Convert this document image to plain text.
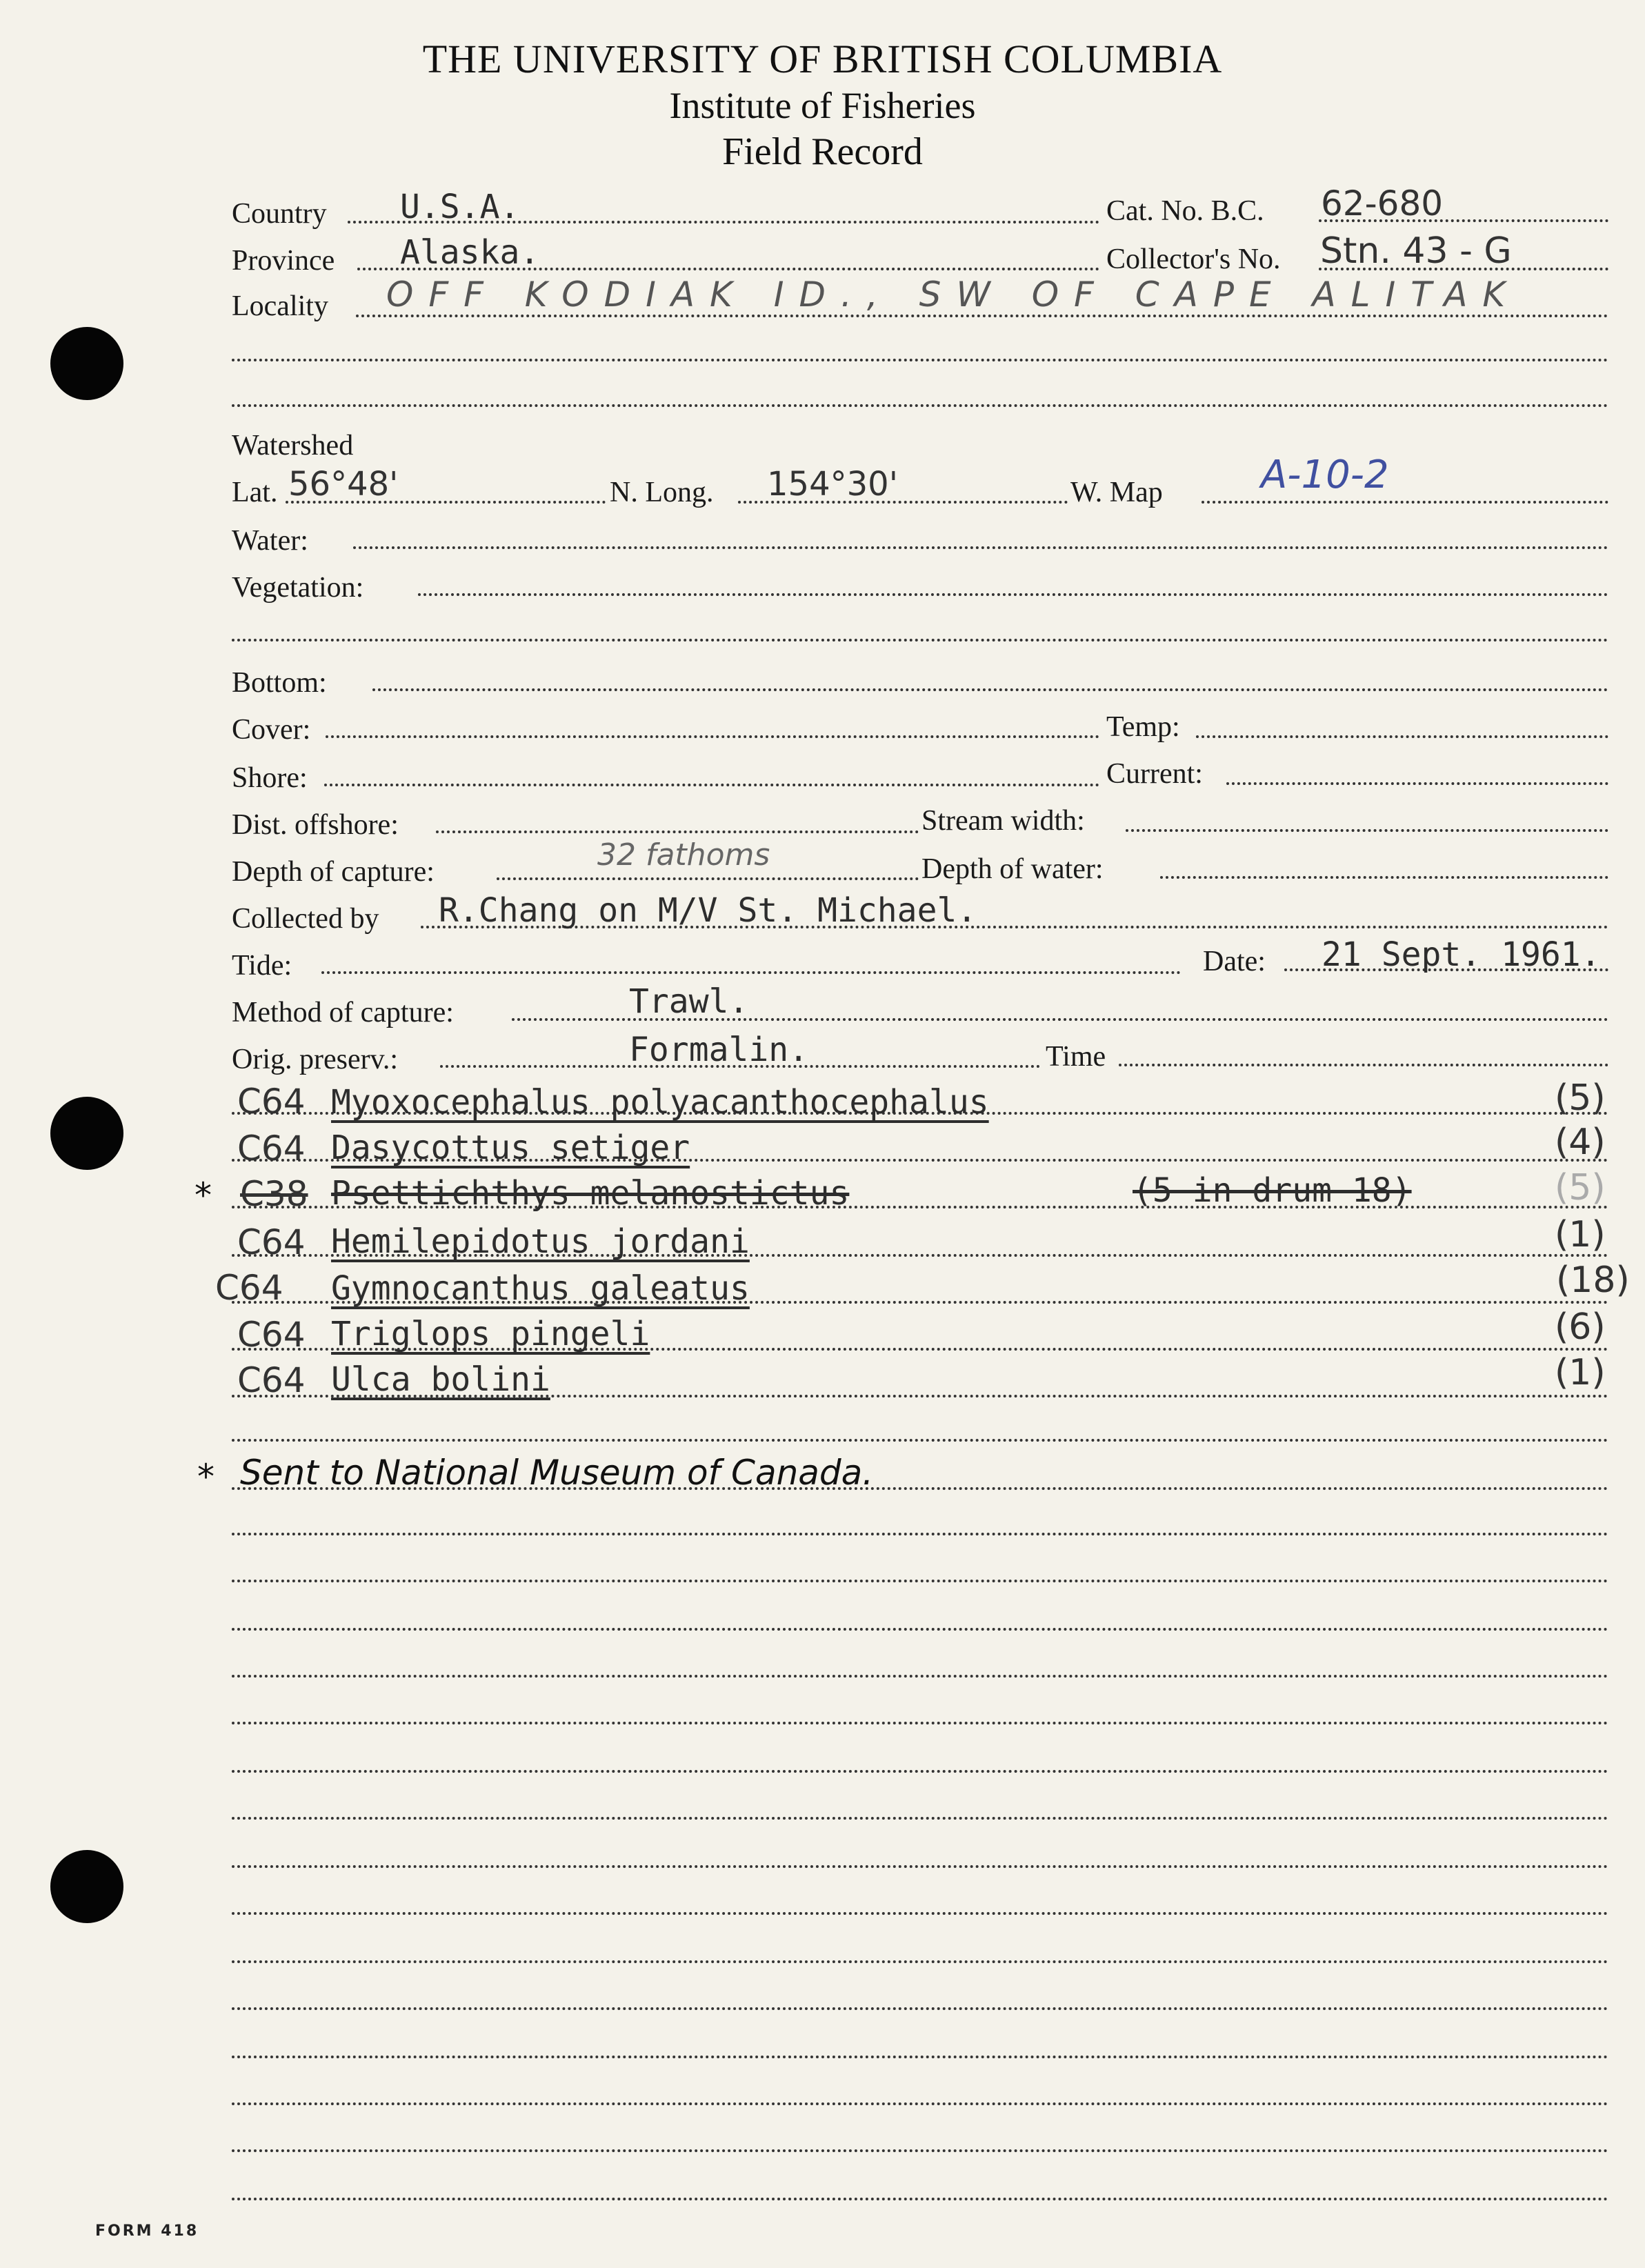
THE UNIVERSITY OF BRITISH COLUMBIA
Institute of Fisheries
Field Record
Country U.S.A.	Cat. No. B.C. 62-680
Province Alaska.	Collector's No. Stn. 43 - G
Locality OFF KODIAK ID., SW OF CAPE ALITAK
Watershed
Lat. 56°48'	N. Long. 154°30'	W. Map	A-10-2
Water:
Vegetation:
Bottom:
Cover:	Temp:
Shore:	Current:
Dist. offshore:	Stream width:
Depth of capture:	32 fathoms	Depth of water:
Collected by R.Chang on M/V St. Michael.
Tide:	Date: 21 Sept. 1961.
Method of capture:	Trawl.
Orig. preserv.:	Formalin.	Time
C64 Myoxocephalus polyacanthocephalus	(5)
C64 Dasycottus setiger	(4)
* C38 Psettichthys melanostictus	(5 in drum 18)	(5)
C64 Hemilepidotus jordani	(1)
C64 Gymnocanthus galeatus	(18)
C64 Triglops pingeli	(6)
C64 Ulca bolini	(1)
* Sent to National Museum of Canada.
FORM 418
